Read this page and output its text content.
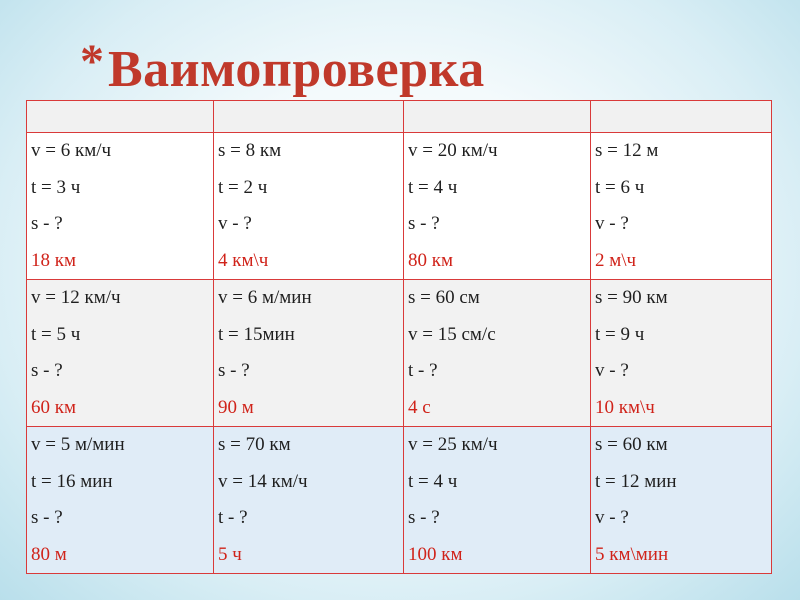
* Ваимопроверка

v = 6 км/ч
t = 3 ч
s - ?
18 км	s = 8 км
t = 2 ч
v - ?
4 км\ч	v = 20 км/ч
t = 4 ч
s - ?
80 км	s = 12 м
t = 6 ч
v - ?
2 м\ч

v = 12 км/ч
t = 5 ч
s - ?
60 км	v = 6 м/мин
t = 15мин
s - ?
90 м	s = 60 см
v = 15 см/с
t - ?
4 с	s = 90 км
t = 9 ч
v - ?
10 км\ч

v = 5 м/мин
t = 16 мин
s - ?
80 м	s = 70 км
v = 14 км/ч
t - ?
5 ч	v = 25 км/ч
t = 4 ч
s - ?
100 км	s = 60 км
t = 12 мин
v - ?
5 км\мин
